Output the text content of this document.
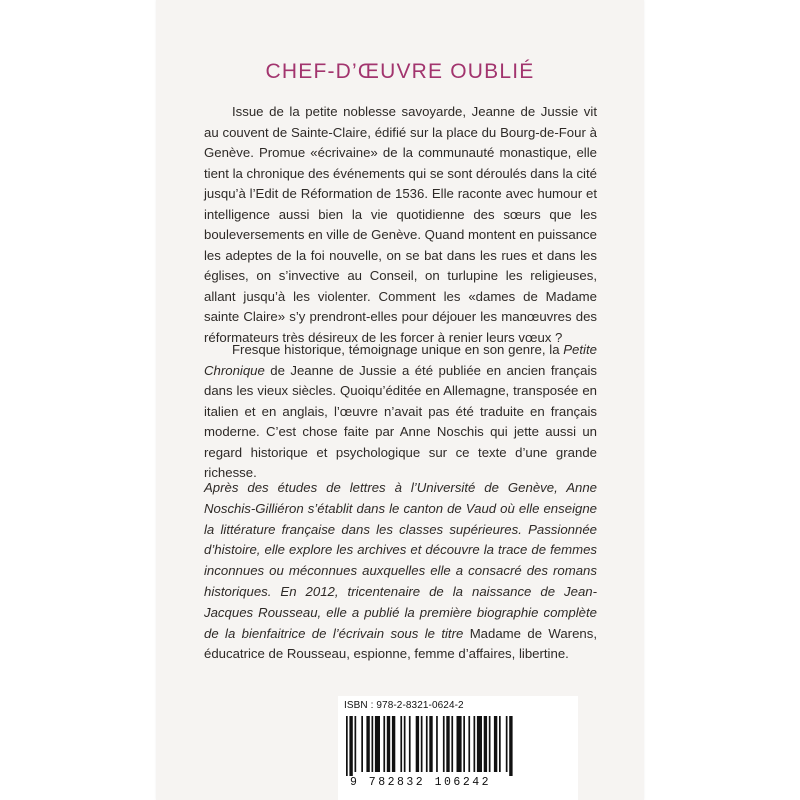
CHEF-D’ŒUVRE OUBLIÉ

Issue de la petite noblesse savoyarde, Jeanne de Jussie vit au couvent de Sainte-Claire, édifié sur la place du Bourg-de-Four à Genève. Promue «écrivaine» de la communauté monastique, elle tient la chronique des événements qui se sont déroulés dans la cité jusqu’à l’Edit de Réformation de 1536. Elle raconte avec humour et intelligence aussi bien la vie quotidienne des sœurs que les bouleversements en ville de Genève. Quand montent en puissance les adeptes de la foi nouvelle, on se bat dans les rues et dans les églises, on s’invective au Conseil, on turlupine les religieuses, allant jusqu’à les violenter. Comment les «dames de Madame sainte Claire» s’y prendront-elles pour déjouer les manœuvres des réformateurs très désireux de les forcer à renier leurs vœux ?

Fresque historique, témoignage unique en son genre, la Petite Chronique de Jeanne de Jussie a été publiée en ancien français dans les vieux siècles. Quoiqu’éditée en Allemagne, transposée en italien et en anglais, l’œuvre n’avait pas été traduite en français moderne. C’est chose faite par Anne Noschis qui jette aussi un regard historique et psychologique sur ce texte d’une grande richesse.

Après des études de lettres à l’Université de Genève, Anne Noschis-Gilliéron s’établit dans le canton de Vaud où elle enseigne la littérature française dans les classes supérieures. Passionnée d’histoire, elle explore les archives et découvre la trace de femmes inconnues ou méconnues auxquelles elle a consacré des romans historiques. En 2012, tricentenaire de la naissance de Jean-Jacques Rousseau, elle a publié la première biographie complète de la bienfaitrice de l’écrivain sous le titre Madame de Warens, éducatrice de Rousseau, espionne, femme d’affaires, libertine.

ISBN : 978-2-8321-0624-2
9 782832 106242
